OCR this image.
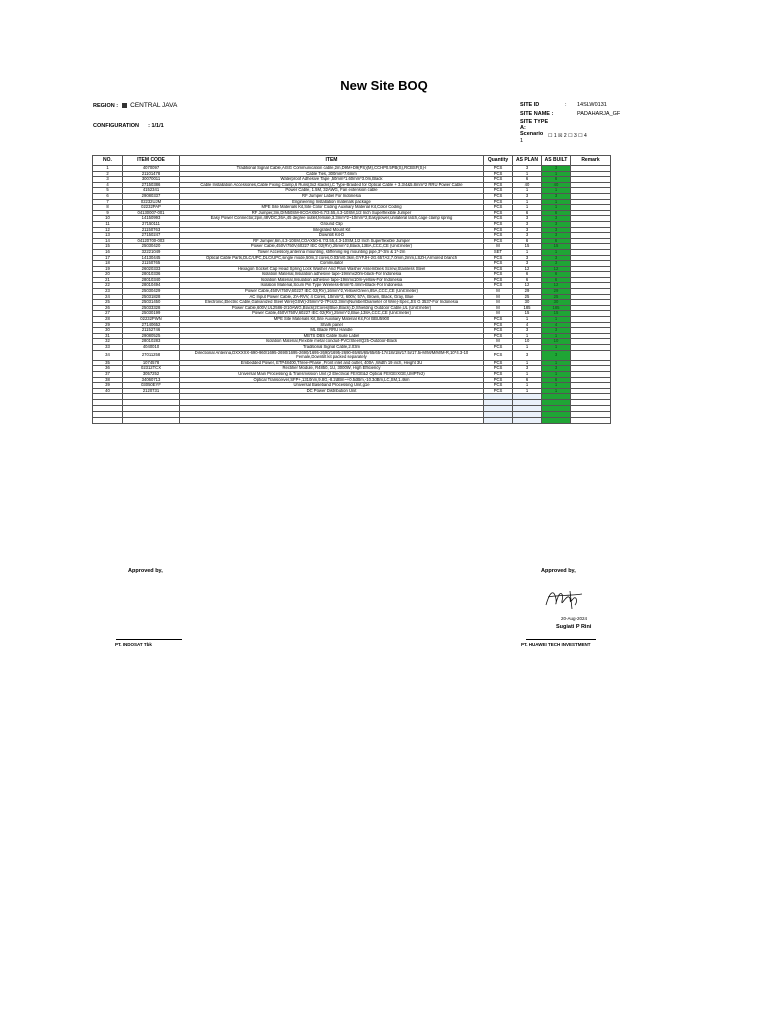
New Site BOQ
REGION : CENTRAL JAVA
CONFIGURATION : 1/1/1
SITE ID	: 14SLW0131
SITE NAME :	PADAHARJA_GF
SITE TYPE A:
Scenario ☐ 1 ☒ 2 ☐ 3 ☐ 4
1
NO.	ITEM CODE	ITEM	Quantity	AS PLAN	AS BUILT	Remark
1	4070097	Traditional Signal Cable,AISG Communication cable,2m,D9M+D9(PS)(M),CCHP0.5PB(S),RCBSF(S)-I	PCS	3	3	
2	21101478	Cable Ties, 300mm*7.6mm	PCS	1	1	
3	30070011	Waterproof Adhesive Tape ,50mm*1.60mm*3.0m,Black	PCS	6	6	
4	27150386	Cable Installation Accessories,Cable Fixing Clamp,6 Runs(3x2 stacks),C Type-Braided for Optical Cable + 3.3/4&5.8mm^2 RRU Power Cable	PCS	40	40	
5	4152341	Power Cable, 1.5M, 32AWG, Fan extension cable	PCS	1	1	
6	29080337	RF Jumper Label For Indonesia	PCS	3	3	
7	02232UJM	Engineering Installation materials package	PCS	1	1	
8	02232PAP	MPE Site Materials Kit,Site Color Coding Auxiliary Material Kit,Color Coding	PCS	1	1	
9	04130007-001	RF Jumper,3m,DIN50SM-IICOAX50-6.7/3.55,4.3-10SM,1/2 Inch Superflexible Jumper	PCS	6	6	
10	14150993	Easy Power Connector,2pin,48VDC,26A,45 degree outlet,female,3.3mm^2~10mm^2,Easypower,unilateral latch,cage clamp spring	PCS	3	3	
11	27150111	Ground Clip	PCS	3	3	
12	21150763	Integrated Mount Kit	PCS	3	3	
13	27150247	Downtilt Kit-D	PCS	3	3	
14	04120700-003	RF Jumper,6m,4.3-10SM,COAX50-6.7/3.55,4.3-10SM,1/2 Inch Superflexible Jumper	PCS	6	6	
15	25030420	Power Cable,450V/750V,60227 IEC 02(RV),25mm^2,Black,13BA,CCC,CE (Unit:meter)	M	15	15	
16	32221049	Tower Accessory,antenna mounting, stiffening leg mounting pipe,3*-3m & 1*-2m	SET	1	1	
17	14130445	Optical Cable Parts,DLC/UPC,DLC/UPC,single mode,50m,2 cores,0.03m/0.3km,GYFJH-2G.657A2,7.0mm,2mm,LSZH,Armored branch	PCS	3	3	
18	21150765	Commutator	PCS	3	3	
19	26020333	Hexagon Socket Cap Head Spring Lock Washer And Plain Washer Assemblies Screw,Stainless Steel	PCS	12	12	
20	28010336	Isolation Material,Insulation adhesive tape-19mmx20m-black-For Indonesia	PCS	6	6	
21	28010340	Isolation Material,Insulation adhesive tape-19mmx10m-yellow-For Indonesia	PCS	6	6	
22	28010494	Isolation Material,Scum Pin Type Wireless-8mm*0.4mm-Black-For Indonesia	PCS	12	12	
23	25030429	Power Cable,450V/750V,60227 IEC 02(RV),16mm^2,Yellow/Green,85A,CCC,CE (Unit:meter)	M	29	29	
24	25031828	AC Input Power Cable, ZA-RVV, 4 Cores, 10mm^2, 600V, 57A, Brown, Black, Gray, Blue	M	25	25	
25	25031450	Electronic,Electric Cable,Galvanized Steel Wire(GSW)-25mm^2-7Pcs/2.3mm(Number/Diameter of Wire)-Spec,JIS G 3537-For Indonesia	M	30	30	
26	25033328	Power Cable,600V,UL2586-2/10AWG,Black(2Cores)Blue,Black),D,Shielding Outdoor Cable,UL (Unit:meter)	M	185	185	
27	25030199	Power Cable,450V/750V,60227 IEC 02(RV),25mm^2,Blue,138A,CCC,CE (Unit:meter)	M	15	15	
28	02232PWN	MPE Site Materials Kit,Site Auxiliary Material Kit,For BBU5900	PCS	1	1	
29	27140652	Shark panel	PCS	4	4	
30	21152746	ML Blade RRU Handle	PCS	3	3	
31	29080525	MBTS DBS Cable Suite Label	PCS	1	1	
32	28010283	Isolation Material,Flexible metal conduit-PVC/Steel/Q25-Outdoor-Black	M	10	10	
33	4040010	Traditional Signal Cable,2.03m	PCS	1	1	
34	27011258	Directional Antenna,DXXXXX-690-960/1695-2690/1695-2690/1695-2690/1695-2690-65/65/65/65/65-17i/18i/18i/17.5i/17.5i-M/M/M/M/M-R,10*4.3-10 Female,Downtilt kit packed separately	PCS	3	3	
35	1074578	Embedded Power, ETP48400,Three-Phase ,Front inlet and outlet, 400A ,Width 19 inch, Height 3U	PCS	1	1	
36	02312TCX	Rectifier Module, R4850, 1U, 3000W, High Efficiency	PCS	3	3	
37	3057252	Universal Main Processing & Transmission Unit (2 Electrical FE/GE&2 Optical FE/GE/XGE,UMPTe2)	PCS	1	1	
38	34060713	Optical Transceiver,SFP+,1310nm,9.8G,-8.2dBm~+0.5dBm,-10.3dBm,LC,SM,1.4km	PCS	6	6	
39	03050EYF	Universal Baseband Processing Unit,g1e	PCS	1	1	
40	2120731	DC Power Distribution Unit	PCS	1	1	

Approved by,	Approved by,
20-Aug-2024
Sugiati P Rini
PT. INDOSAT Tbk	PT. HUAWEI TECH INVESTMENT
